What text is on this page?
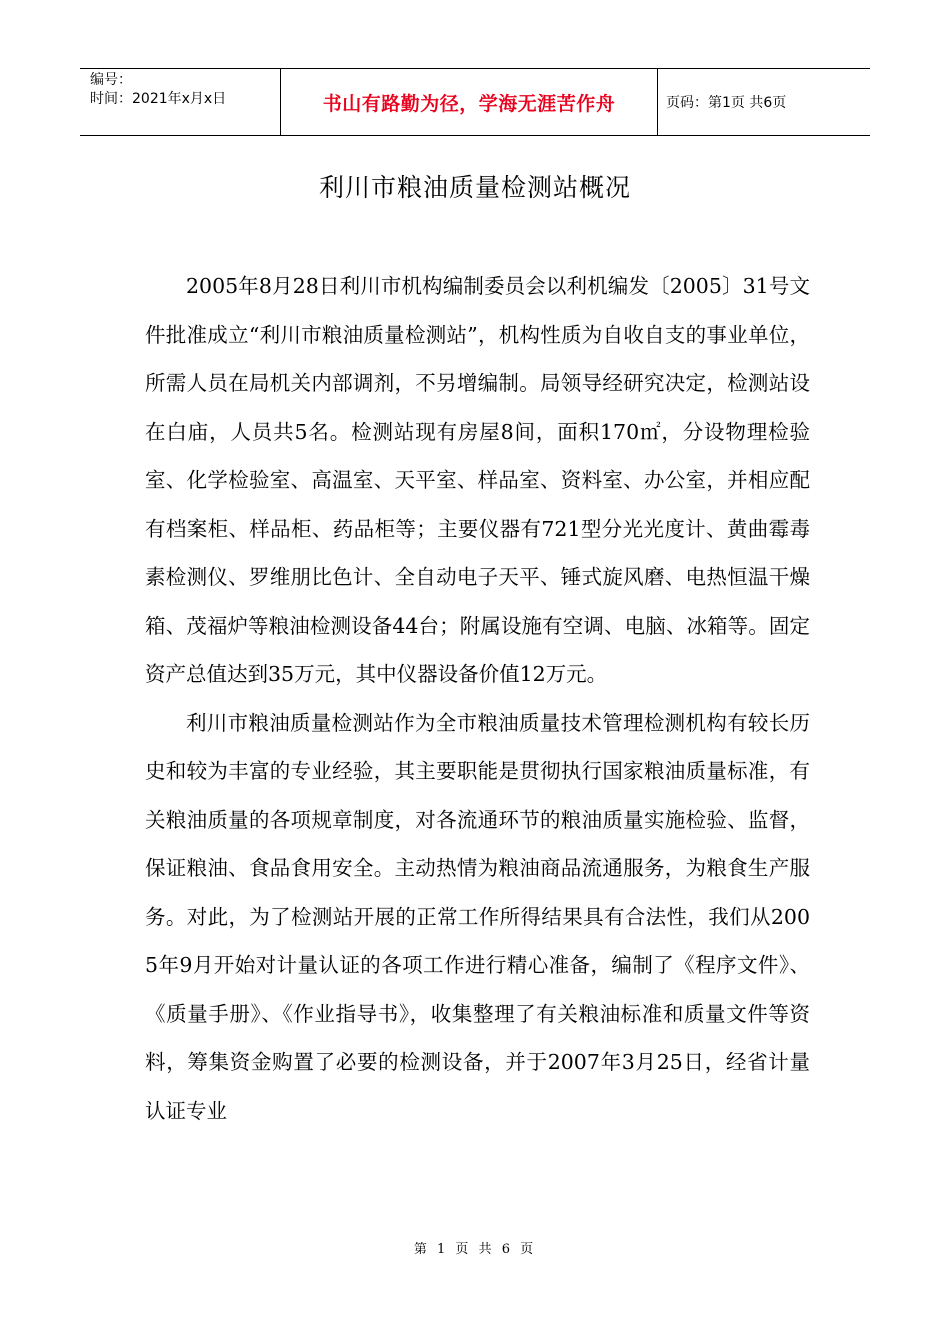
编号：
时间：2021年x月x日	书山有路勤为径，学海无涯苦作舟	页码：第1页 共6页
利川市粮油质量检测站概况

2005年8月28日利川市机构编制委员会以利机编发〔2005〕31号文件批准成立“利川市粮油质量检测站”，机构性质为自收自支的事业单位，所需人员在局机关内部调剂，不另增编制。局领导经研究决定，检测站设在白庙，人员共5名。检测站现有房屋8间，面积170㎡，分设物理检验室、化学检验室、高温室、天平室、样品室、资料室、办公室，并相应配有档案柜、样品柜、药品柜等；主要仪器有721型分光光度计、黄曲霉毒素检测仪、罗维朋比色计、全自动电子天平、锤式旋风磨、电热恒温干燥箱、茂福炉等粮油检测设备44台；附属设施有空调、电脑、冰箱等。固定资产总值达到35万元，其中仪器设备价值12万元。

利川市粮油质量检测站作为全市粮油质量技术管理检测机构有较长历史和较为丰富的专业经验，其主要职能是贯彻执行国家粮油质量标准，有关粮油质量的各项规章制度，对各流通环节的粮油质量实施检验、监督，保证粮油、食品食用安全。主动热情为粮油商品流通服务，为粮食生产服务。对此，为了检测站开展的正常工作所得结果具有合法性，我们从2005年9月开始对计量认证的各项工作进行精心准备，编制了《程序文件》、《质量手册》、《作业指导书》，收集整理了有关粮油标准和质量文件等资料，筹集资金购置了必要的检测设备，并于2007年3月25日，经省计量认证专业

第 1 页 共 6 页
